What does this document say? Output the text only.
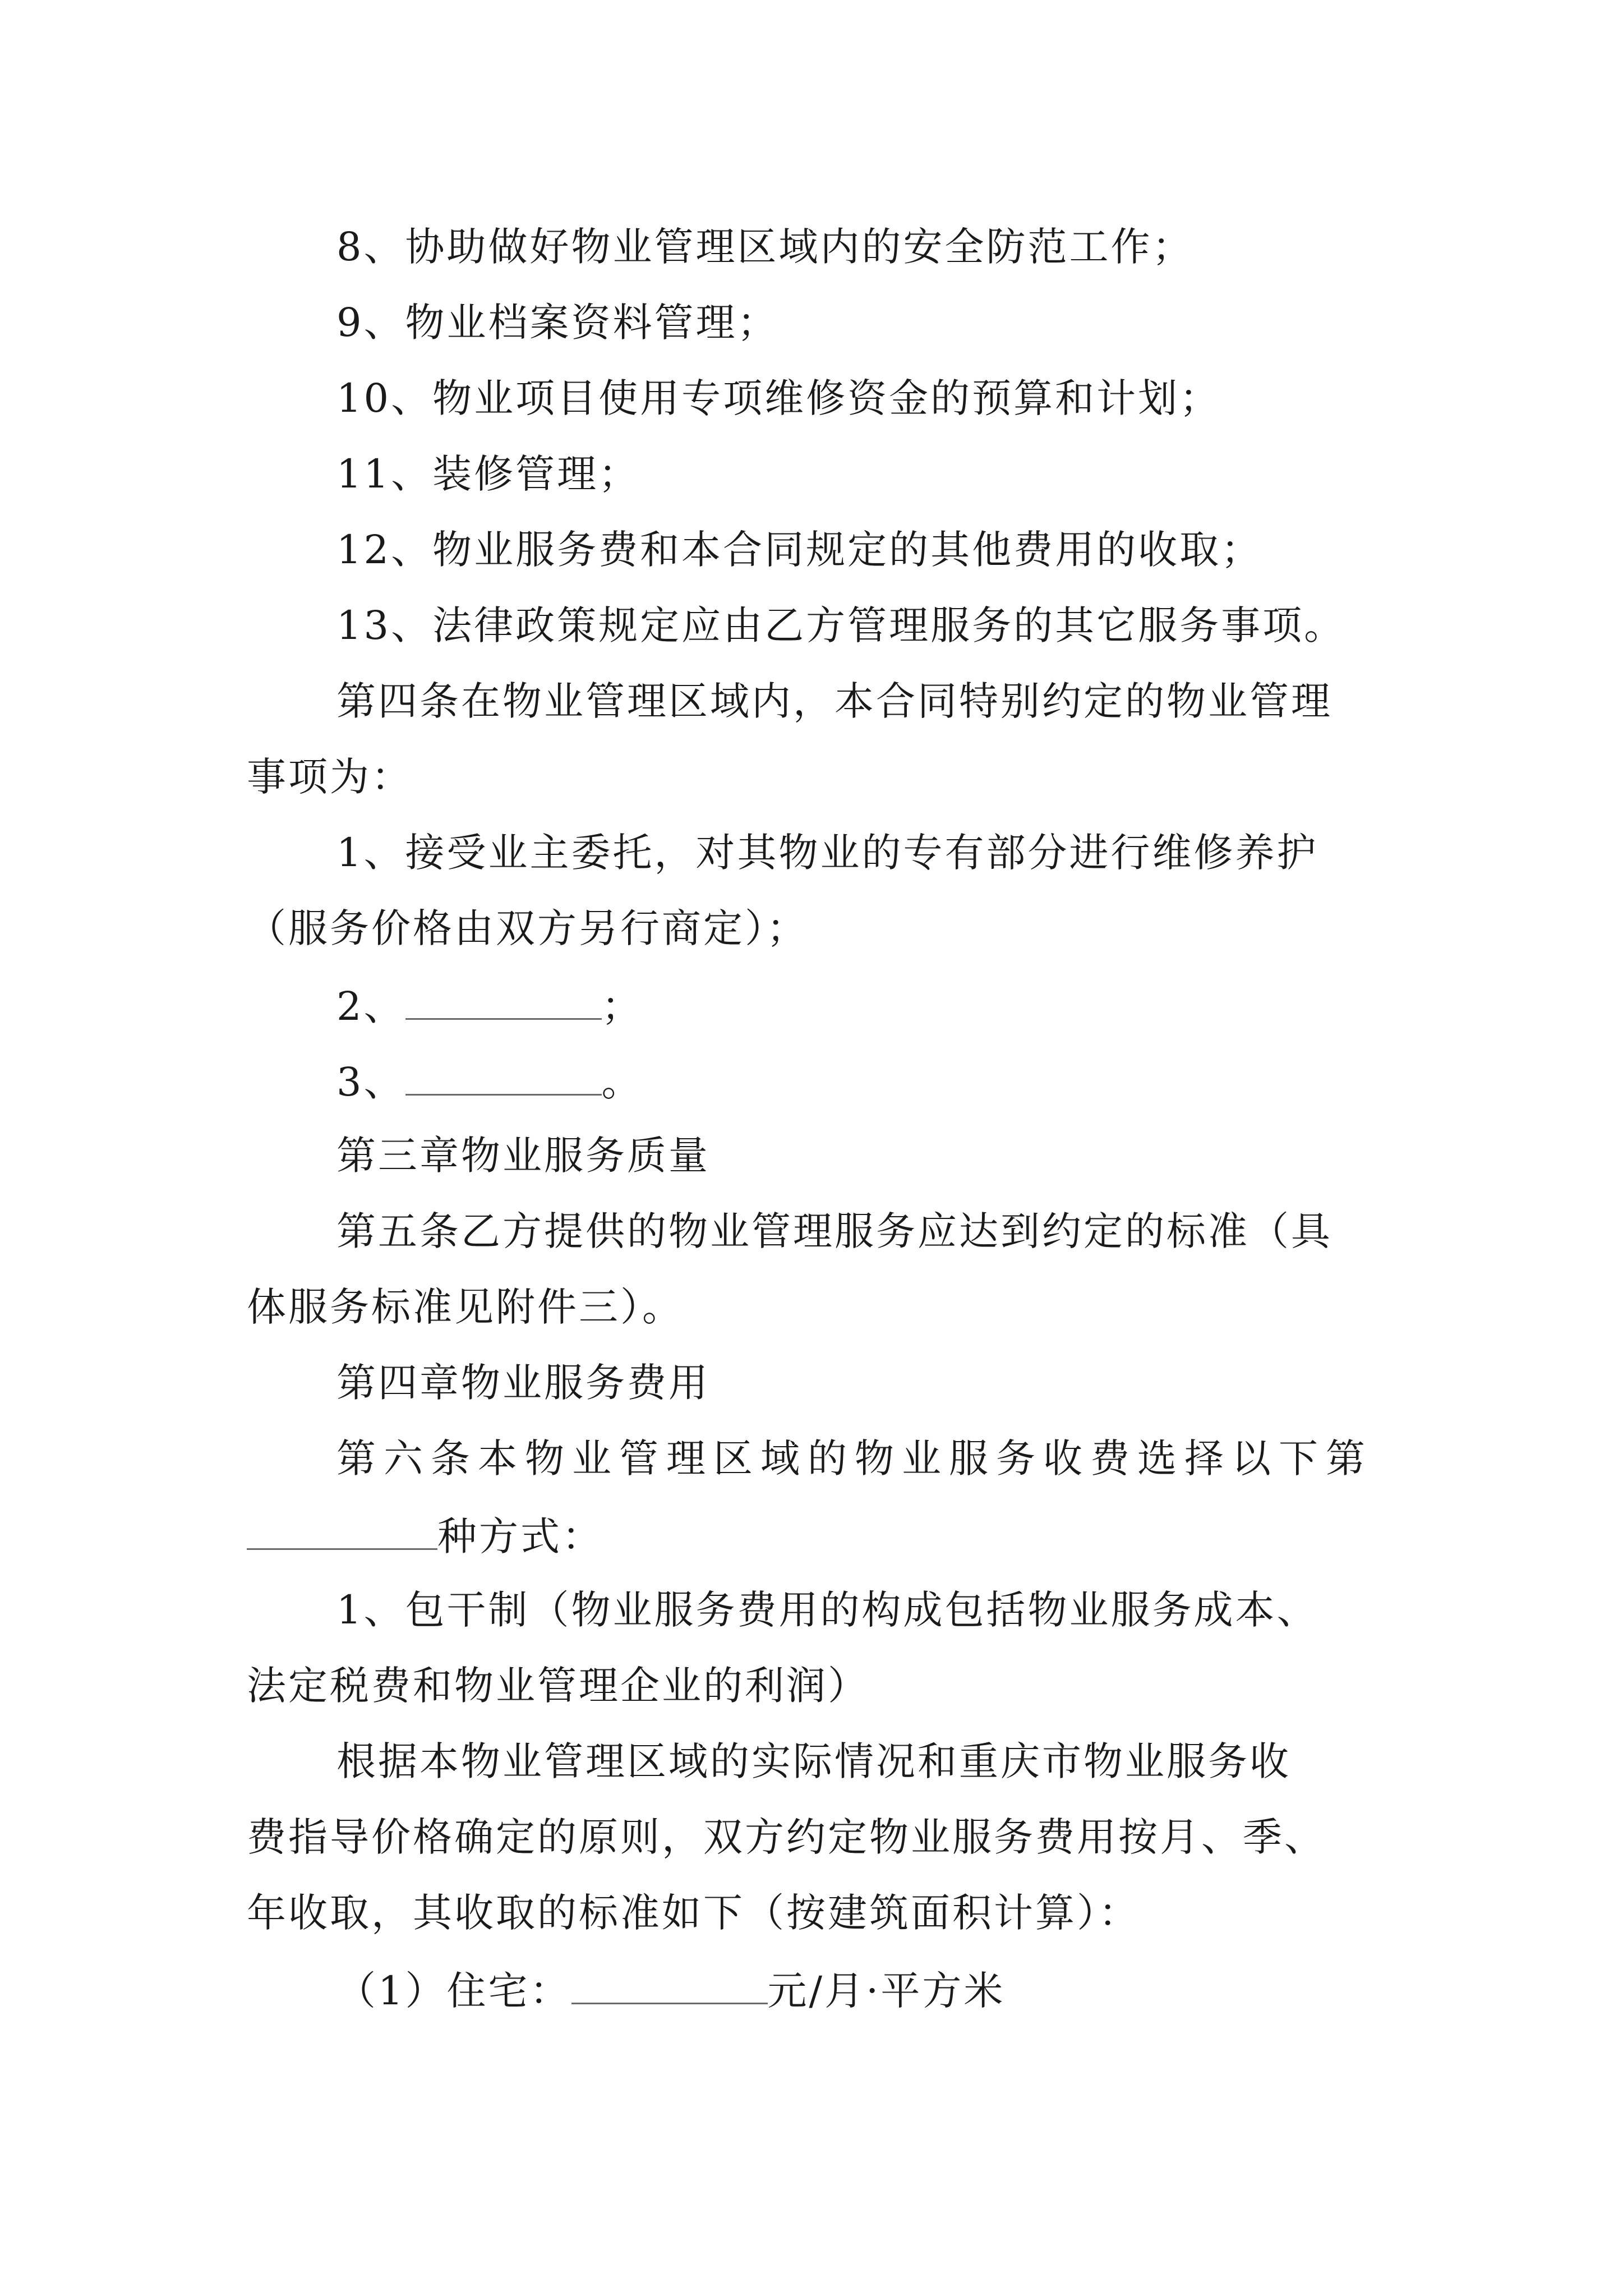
8、协助做好物业管理区域内的安全防范工作；
9、物业档案资料管理；
10、物业项目使用专项维修资金的预算和计划；
11、装修管理；
12、物业服务费和本合同规定的其他费用的收取；
13、法律政策规定应由乙方管理服务的其它服务事项。
第四条在物业管理区域内，本合同特别约定的物业管理
事项为：
1、接受业主委托，对其物业的专有部分进行维修养护
（服务价格由双方另行商定）；
2、	；
3、	。
第三章物业服务质量
第五条乙方提供的物业管理服务应达到约定的标准（具
体服务标准见附件三）。
第四章物业服务费用
第六条本物业管理区域的物业服务收费选择以下第
种方式：
1、包干制（物业服务费用的构成包括物业服务成本、
法定税费和物业管理企业的利润）
根据本物业管理区域的实际情况和重庆市物业服务收
费指导价格确定的原则，双方约定物业服务费用按月、季、
年收取，其收取的标准如下（按建筑面积计算）：
（1）住宅：	元/月·平方米
